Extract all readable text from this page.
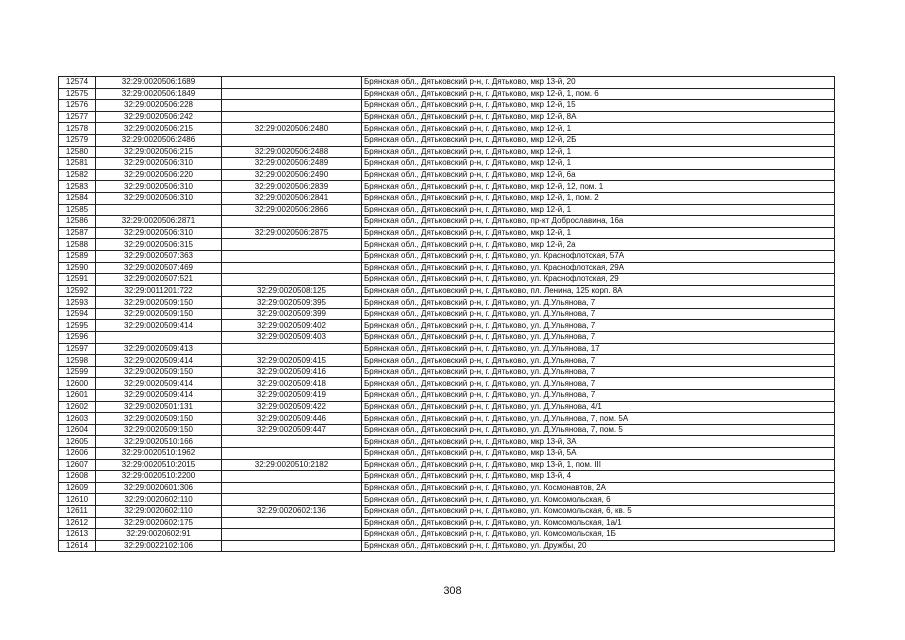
12574	32:29:0020506:1689		Брянская обл., Дятьковский р-н, г. Дятьково, мкр 13-й, 20
12575	32:29:0020506:1849		Брянская обл., Дятьковский р-н, г. Дятьково, мкр 12-й, 1, пом. 6
12576	32:29:0020506:228		Брянская обл., Дятьковский р-н, г. Дятьково, мкр 12-й, 15
12577	32:29:0020506:242		Брянская обл., Дятьковский р-н, г. Дятьково, мкр 12-й, 8А
12578	32:29:0020506:215	32:29:0020506:2480	Брянская обл., Дятьковский р-н, г. Дятьково, мкр 12-й, 1
12579	32:29:0020506:2486		Брянская обл., Дятьковский р-н, г. Дятьково, мкр 12-й, 2Б
12580	32:29:0020506:215	32:29:0020506:2488	Брянская обл., Дятьковский р-н, г. Дятьково, мкр 12-й, 1
12581	32:29:0020506:310	32:29:0020506:2489	Брянская обл., Дятьковский р-н, г. Дятьково, мкр 12-й, 1
12582	32:29:0020506:220	32:29:0020506:2490	Брянская обл., Дятьковский р-н, г. Дятьково, мкр 12-й, 6а
12583	32:29:0020506:310	32:29:0020506:2839	Брянская обл., Дятьковский р-н, г. Дятьково, мкр 12-й, 12, пом. 1
12584	32:29:0020506:310	32:29:0020506:2841	Брянская обл., Дятьковский р-н, г. Дятьково, мкр 12-й, 1, пом. 2
12585		32:29:0020506:2866	Брянская обл., Дятьковский р-н, г. Дятьково, мкр 12-й, 1
12586	32:29:0020506:2871		Брянская обл., Дятьковский р-н, г. Дятьково, пр-кт Доброславина, 16а
12587	32:29:0020506:310	32:29:0020506:2875	Брянская обл., Дятьковский р-н, г. Дятьково, мкр 12-й, 1
12588	32:29:0020506:315		Брянская обл., Дятьковский р-н, г. Дятьково, мкр 12-й, 2а
12589	32:29:0020507:363		Брянская обл., Дятьковский р-н, г. Дятьково, ул. Краснофлотская, 57А
12590	32:29:0020507:469		Брянская обл., Дятьковский р-н, г. Дятьково, ул. Краснофлотская, 29А
12591	32:29:0020507:521		Брянская обл., Дятьковский р-н, г. Дятьково, ул. Краснофлотская, 29
12592	32:29:0011201:722	32:29:0020508:125	Брянская обл., Дятьковский р-н, г. Дятьково, пл. Ленина, 125 корп. 8А
12593	32:29:0020509:150	32:29:0020509:395	Брянская обл., Дятьковский р-н, г. Дятьково, ул. Д.Ульянова, 7
12594	32:29:0020509:150	32:29:0020509:399	Брянская обл., Дятьковский р-н, г. Дятьково, ул. Д.Ульянова, 7
12595	32:29:0020509:414	32:29:0020509:402	Брянская обл., Дятьковский р-н, г. Дятьково, ул. Д.Ульянова, 7
12596		32:29:0020509:403	Брянская обл., Дятьковский р-н, г. Дятьково, ул. Д.Ульянова, 7
12597	32:29:0020509:413		Брянская обл., Дятьковский р-н, г. Дятьково, ул. Д.Ульянова, 17
12598	32:29:0020509:414	32:29:0020509:415	Брянская обл., Дятьковский р-н, г. Дятьково, ул. Д.Ульянова, 7
12599	32:29:0020509:150	32:29:0020509:416	Брянская обл., Дятьковский р-н, г. Дятьково, ул. Д.Ульянова, 7
12600	32:29:0020509:414	32:29:0020509:418	Брянская обл., Дятьковский р-н, г. Дятьково, ул. Д.Ульянова, 7
12601	32:29:0020509:414	32:29:0020509:419	Брянская обл., Дятьковский р-н, г. Дятьково, ул. Д.Ульянова, 7
12602	32:29:0020501:131	32:29:0020509:422	Брянская обл., Дятьковский р-н, г. Дятьково, ул. Д.Ульянова, 4/1
12603	32:29:0020509:150	32:29:0020509:446	Брянская обл., Дятьковский р-н, г. Дятьково, ул. Д.Ульянова, 7, пом. 5А
12604	32:29:0020509:150	32:29:0020509:447	Брянская обл., Дятьковский р-н, г. Дятьково, ул. Д.Ульянова, 7, пом. 5
12605	32:29:0020510:166		Брянская обл., Дятьковский р-н, г. Дятьково, мкр 13-й, 3А
12606	32:29:0020510:1962		Брянская обл., Дятьковский р-н, г. Дятьково, мкр 13-й, 5А
12607	32:29:0020510:2015	32:29:0020510:2182	Брянская обл., Дятьковский р-н, г. Дятьково, мкр 13-й, 1, пом. III
12608	32:29:0020510:2200		Брянская обл., Дятьковский р-н, г. Дятьково, мкр 13-й, 4
12609	32:29:0020601:306		Брянская обл., Дятьковский р-н, г. Дятьково, ул. Космонавтов, 2А
12610	32:29:0020602:110		Брянская обл., Дятьковский р-н, г. Дятьково, ул. Комсомольская, 6
12611	32:29:0020602:110	32:29:0020602:136	Брянская обл., Дятьковский р-н, г. Дятьково, ул. Комсомольская, 6, кв. 5
12612	32:29:0020602:175		Брянская обл., Дятьковский р-н, г. Дятьково, ул. Комсомольская, 1а/1
12613	32:29:0020602:91		Брянская обл., Дятьковский р-н, г. Дятьково, ул. Комсомольская, 1Б
12614	32:29:0022102:106		Брянская обл., Дятьковский р-н, г. Дятьково, ул. Дружбы, 20
308
